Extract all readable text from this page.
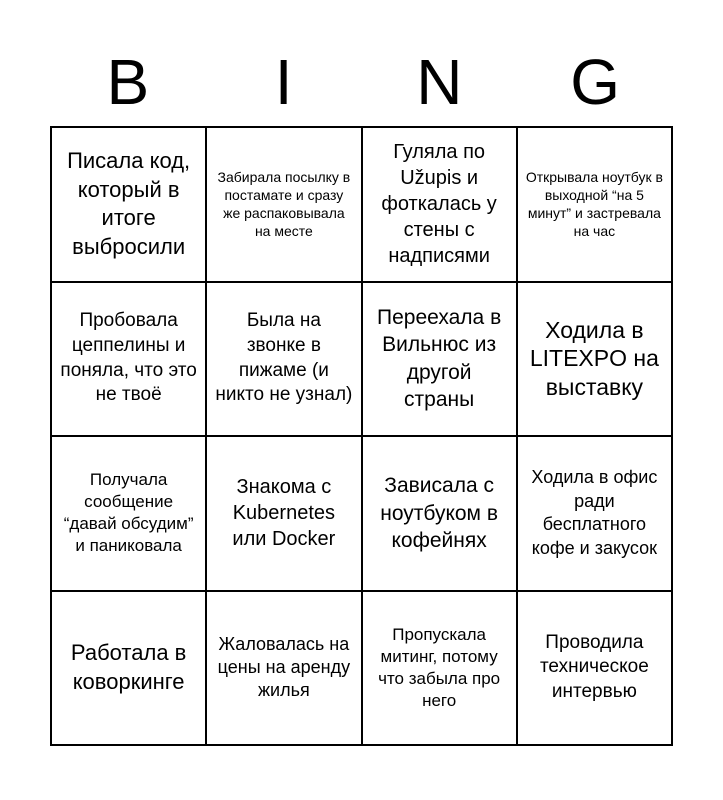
B	I	N	G
Писала код, который в итоге выбросили
Забирала посылку в постамате и сразу же распаковывала на месте
Гуляла по Užupis и фоткалась у стены с надписями
Открывала ноутбук в выходной “на 5 минут” и застревала на час
Пробовала цеппелины и поняла, что это не твоё
Была на звонке в пижаме (и никто не узнал)
Переехала в Вильнюс из другой страны
Ходила в LITEXPO на выставку
Получала сообщение “давай обсудим” и паниковала
Знакома с Kubernetes или Docker
Зависала с ноутбуком в кофейнях
Ходила в офис ради бесплатного кофе и закусок
Работала в коворкинге
Жаловалась на цены на аренду жилья
Пропускала митинг, потому что забыла про него
Проводила техническое интервью
